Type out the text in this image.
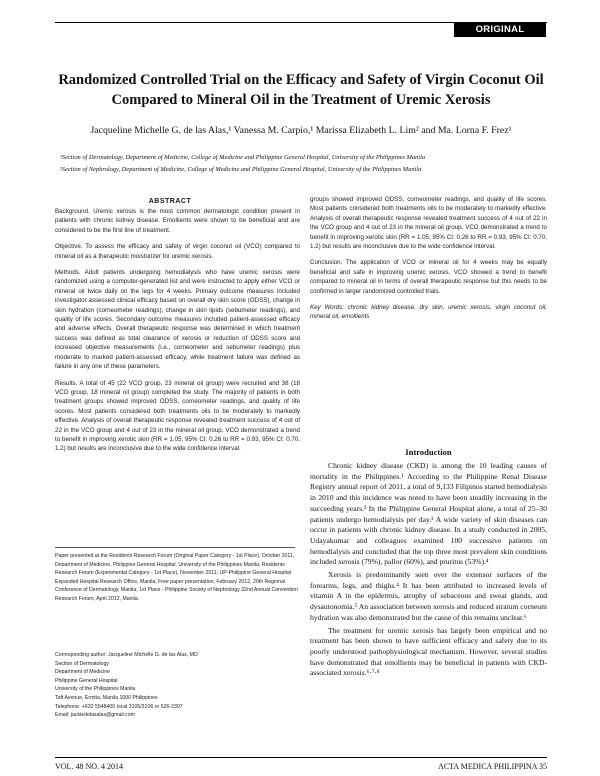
ORIGINAL ARTICLE
Randomized Controlled Trial on the Efficacy and Safety of Virgin Coconut Oil Compared to Mineral Oil in the Treatment of Uremic Xerosis
Jacqueline Michelle G. de las Alas,¹ Vanessa M. Carpio,¹ Marissa Elizabeth L. Lim² and Ma. Lorna F. Frez¹
¹Section of Dermatology, Department of Medicine, College of Medicine and Philippine General Hospital, University of the Philippines Manila
²Section of Nephrology, Department of Medicine, College of Medicine and Philippine General Hospital, University of the Philippines Manila
ABSTRACT

Background. Uremic xerosis is the most common dermatologic condition present in patients with chronic kidney disease. Emollients were shown to be beneficial and are considered to be the first line of treatment.

Objective. To assess the efficacy and safety of virgin coconut oil (VCO) compared to mineral oil as a therapeutic moisturizer for uremic xerosis.

Methods. Adult patients undergoing hemodialysis who have uremic xerosis were randomized using a computer-generated list and were instructed to apply either VCO or mineral oil twice daily on the legs for 4 weeks. Primary outcome measures included investigator assessed clinical efficacy based on overall dry skin score (ODSS), change in skin hydration (corneometer readings), change in skin lipids (sebumeter readings), and quality of life scores. Secondary outcome measures included patient-assessed efficacy and adverse effects. Overall therapeutic response was determined in which treatment success was defined as total clearance of xerosis or reduction of ODSS score and increased objective measurements (i.e., corneometer and sebumeter readings) plus moderate to marked patient-assessed efficacy, while treatment failure was defined as failure in any one of these parameters.

Results. A total of 45 (22 VCO group, 23 mineral oil group) were recruited and 38 (18 VCO group, 18 mineral oil group) completed the study. The majority of patients in both treatment groups showed improved ODSS, corneometer readings, and quality of life scores. Most patients considered both treatments oils to be moderately to markedly effective. Analysis of overall therapeutic response revealed treatment success of 4 out of 22 in the VCO group and 4 out of 23 in the mineral oil group. VCO demonstrated a trend to benefit in improving xerotic skin (RR = 1.05; 95% CI: 0.26 to RR = 0.93, 95% CI: 0.70, 1.2) but results are inconclusive due to the wide confidence interval.

groups showed improved ODSS, corneometer readings, and quality of life scores. Most patients considered both treatments oils to be moderately to markedly effective. Analysis of overall therapeutic response revealed treatment success of 4 out of 22 in the VCO group and 4 out of 23 in the mineral oil group. VCO demonstrated a trend to benefit in improving xerotic skin (RR = 1.05; 95% CI: 0.26 to RR = 0.93, 95% CI: 0.70, 1.2) but results are inconclusive due to the wide confidence interval.

Conclusion. The application of VCO or mineral oil for 4 weeks may be equally beneficial and safe in improving uremic xerosis. VCO showed a trend to benefit compared to mineral oil in terms of overall therapeutic response but this needs to be confirmed in larger randomized controlled trials.

Key Words: chronic kidney disease, dry skin, uremic xerosis, virgin coconut oil, mineral oil, emollients

Introduction

Chronic kidney disease (CKD) is among the 10 leading causes of mortality in the Philippines.¹ According to the Philippine Renal Disease Registry annual report of 2011, a total of 9,133 Filipinos started hemodialysis in 2010 and this incidence was noted to have been steadily increasing in the succeeding years.² In the Philippine General Hospital alone, a total of 25–30 patients undergo hemodialysis per day.³ A wide variety of skin diseases can occur in patients with chronic kidney disease. In a study conducted in 2005, Udayakumar and colleagues examined 100 successive patients on hemodialysis and concluded that the top three most prevalent skin conditions included xerosis (79%), pallor (60%), and pruritus (53%).⁴

Xerosis is predominantly seen over the extensor surfaces of the forearms, legs, and thighs.⁴ It has been attributed to increased levels of vitamin A in the epidermis, atrophy of sebaceous and sweat glands, and dysautonomia.⁵ An association between xerosis and reduced stratum corneum hydration was also demonstrated but the cause of this remains unclear.⁶

The treatment for uremic xerosis has largely been empirical and no treatment has been shown to have sufficient efficacy and safety due to its poorly understood pathophysiological mechanism. However, several studies have demonstrated that emollients may be beneficial in patients with CKD-associated xerosis.⁶·⁷·⁸

Paper presented at the Residents Research Forum (Original Paper Category - 1st Place), October 2011, Department of Medicine, Philippine General Hospital, University of the Philippines Manila; Residents Research Forum (Experimental Category - 1st Place), November 2011; UP-Philippine General Hospital Expanded Hospital Research Office, Manila; Free paper presentation, February 2012, 20th Regional Conference of Dermatology, Manila; 1st Place - Philippine Society of Nephrology 32nd Annual Convention Research Forum, April 2012, Manila.
Corresponding author: Jacqueline Michelle G. de las Alas, MD
Section of Dermatology
Department of Medicine
Philippine General Hospital
University of the Philippines Manila
Taft Avenue, Ermita, Manila 1000 Philippines
Telephone: +632 5548400 local 3105/3106 or 526-2397
Email: jackiedelasalas@gmail.com
VOL. 48 NO. 4 2014	ACTA MEDICA PHILIPPINA 35
